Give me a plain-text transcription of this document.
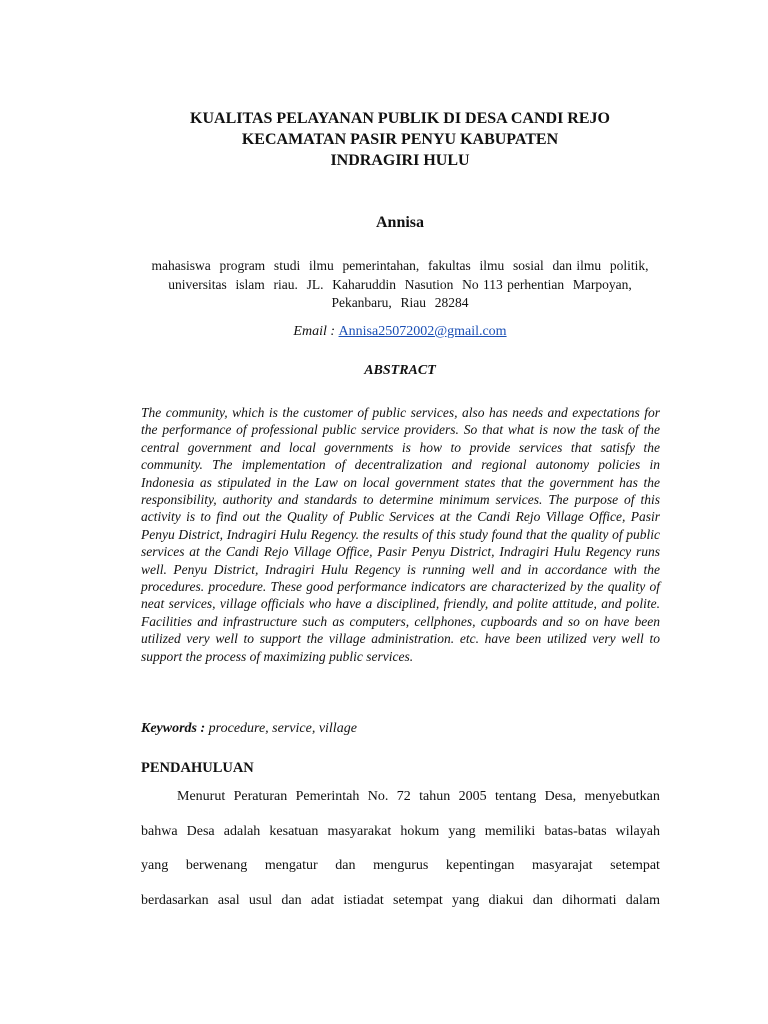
KUALITAS PELAYANAN PUBLIK DI DESA CANDI REJO
KECAMATAN PASIR PENYU KABUPATEN
INDRAGIRI HULU
Annisa
mahasiswa  program  studi  ilmu  pemerintahan,  fakultas  ilmu  sosial  dan ilmu  politik,
universitas  islam  riau.  JL.  Kaharuddin  Nasution  No 113 perhentian  Marpoyan,
Pekanbaru,  Riau  28284
Email : Annisa25072002@gmail.com
ABSTRACT
The community, which is the customer of public services, also has needs and expectations for the performance of professional public service providers. So that what is now the task of the central government and local governments is how to provide services that satisfy the community. The implementation of decentralization and regional autonomy policies in Indonesia as stipulated in the Law on local government states that the government has the responsibility, authority and standards to determine minimum services. The purpose of this activity is to find out the Quality of Public Services at the Candi Rejo Village Office, Pasir Penyu District, Indragiri Hulu Regency. the results of this study found that the quality of public services at the Candi Rejo Village Office, Pasir Penyu District, Indragiri Hulu Regency runs well. Penyu District, Indragiri Hulu Regency is running well and in accordance with the procedures. procedure. These good performance indicators are characterized by the quality of neat services, village officials who have a disciplined, friendly, and polite attitude, and polite. Facilities and infrastructure such as computers, cellphones, cupboards and so on have been utilized very well to support the village administration. etc. have been utilized very well to support the process of maximizing public services.
Keywords : procedure, service, village
PENDAHULUAN
Menurut Peraturan Pemerintah No. 72 tahun 2005 tentang Desa, menyebutkan
bahwa Desa adalah kesatuan masyarakat hokum yang memiliki batas-batas wilayah
yang berwenang mengatur dan mengurus kepentingan masyarajat setempat
berdasarkan asal usul dan adat istiadat setempat yang diakui dan dihormati dalam
